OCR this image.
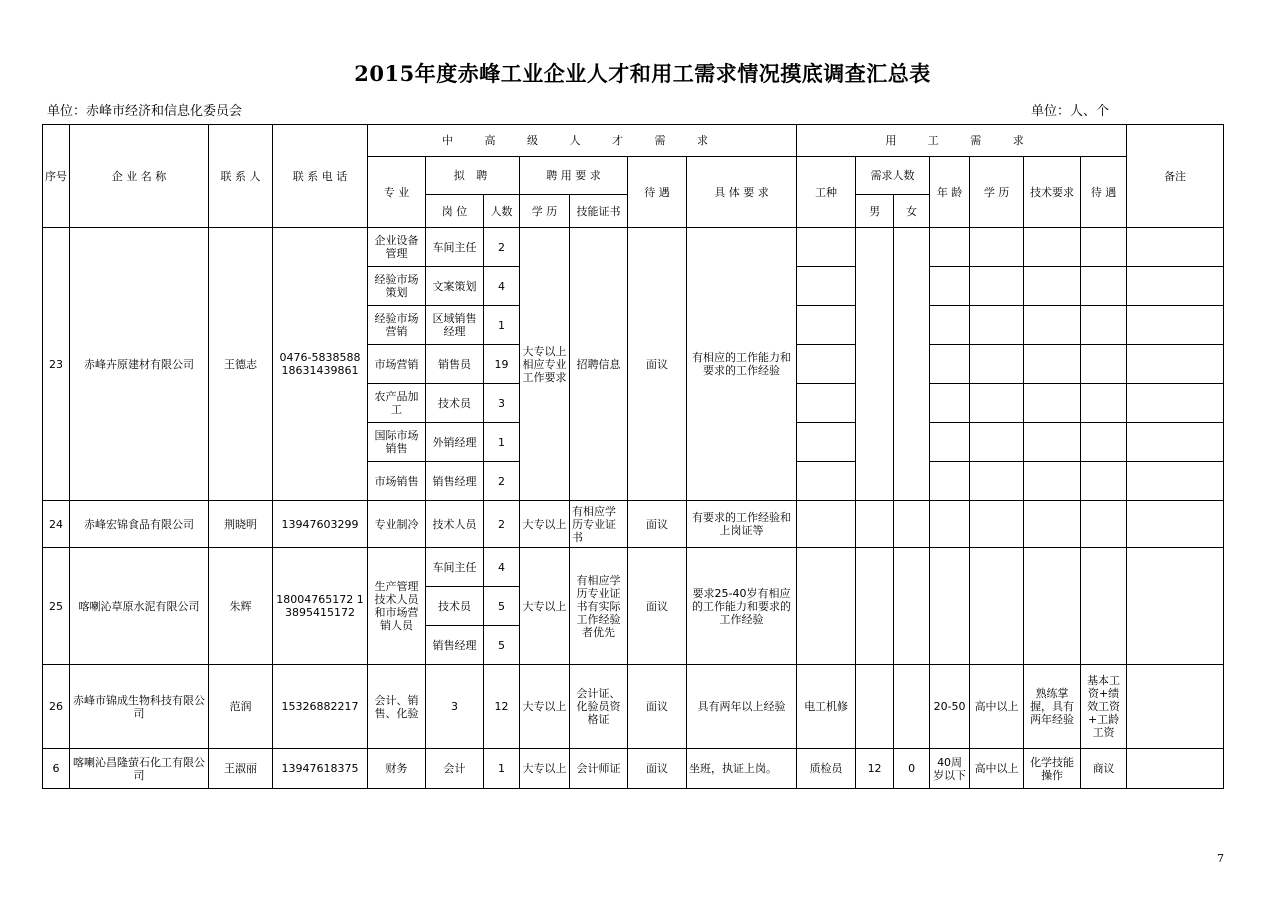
2015年度赤峰工业企业人才和用工需求情况摸底调查汇总表
单位：赤峰市经济和信息化委员会	单位：人、个
序号	企 业 名 称	联 系 人	联 系 电 话	中 高 级 人 才 需 求							用 工 需 求							备注
				专 业	拟 聘		聘 用 要 求		待 遇	具 体 要 求	工种	需求人数		年 龄	学 历	技术要求	待 遇	
					岗 位	人数	学 历	技能证书				男	女					
23	赤峰卉原建材有限公司	王德志	0476-5838588 18631439861	企业设备管理	车间主任	2	大专以上相应专业工作要求	招聘信息	面议	有相应的工作能力和要求的工作经验								
				经验市场策划	文案策划	4												
				经验市场营销	区域销售经理	1												
				市场营销	销售员	19												
				农产品加工	技术员	3												
				国际市场销售	外销经理	1												
				市场销售	销售经理	2												
24	赤峰宏锦食品有限公司	荆晓明	13947603299	专业制冷	技术人员	2	大专以上	有相应学历专业证书	面议	有要求的工作经验和上岗证等								
25	喀喇沁草原水泥有限公司	朱辉	18004765172 13895415172	生产管理技术人员和市场营销人员	车间主任	4	大专以上	有相应学历专业证书有实际工作经验者优先	面议	要求25-40岁有相应的工作能力和要求的工作经验								
					技术员	5												
					销售经理	5												
26	赤峰市锦成生物科技有限公司	范润	15326882217	会计、销售、化验	3	12	大专以上	会计证、化验员资格证	面议	具有两年以上经验	电工机修			20-50	高中以上	熟练掌握，具有两年经验	基本工资+绩效工资+工龄工资	
6	喀喇沁昌隆萤石化工有限公司	王淑丽	13947618375	财务	会计	1	大专以上	会计师证	面议	坐班，执证上岗。	质检员	12	0	40周岁以下	高中以上	化学技能操作	商议	
7
